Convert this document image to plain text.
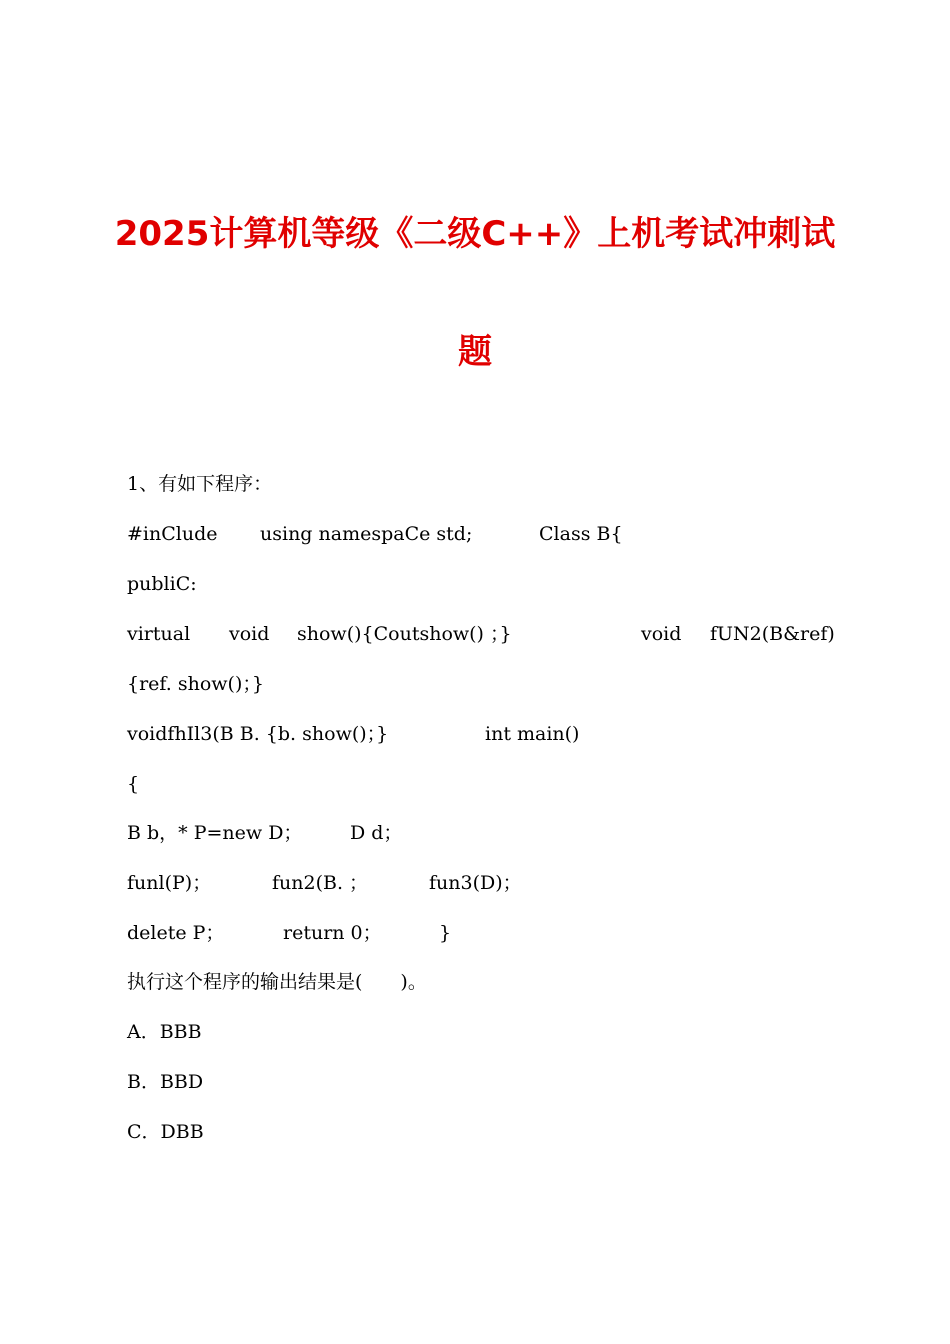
2025计算机等级《二级C++》上机考试冲刺试
题
1、有如下程序：

#inClude

using namespaCe std;

	Class B{

publiC:

virtual

void

show(){Coutshow() ；}

	void

fUN2(B&ref)

{ref. show()；}

voidfhIl3(B B. {b. show()；}

	int main()

{

B b，* P=new D；

	D d；

funl(P)；

	fun2(B. ；

	fun3(D)；

delete P；

	return 0；

	}

执行这个程序的输出结果是(　　)。
A．BBB
B．BBD
C．DBB
